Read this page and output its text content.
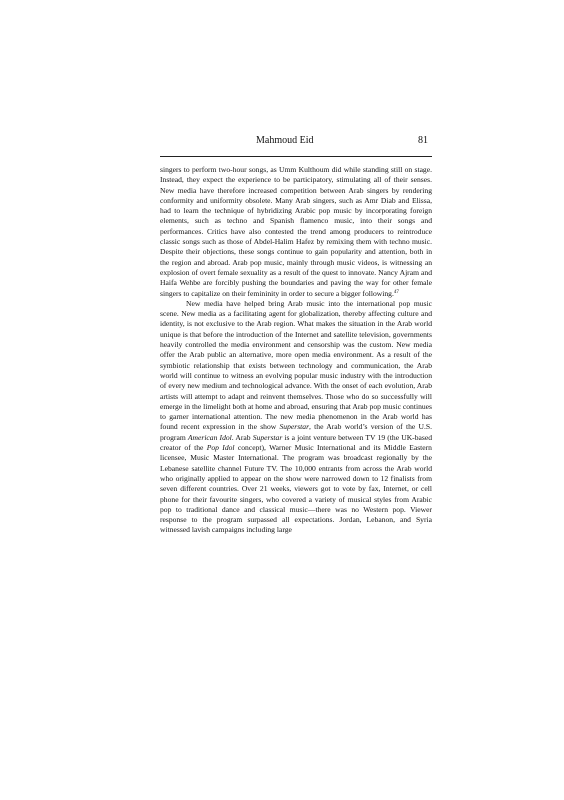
Mahmoud Eid	81

singers to perform two-hour songs, as Umm Kulthoum did while standing still on stage. Instead, they expect the experience to be participatory, stimulating all of their senses. New media have therefore increased competition between Arab singers by rendering conformity and uniformity obsolete. Many Arab singers, such as Amr Diab and Elissa, had to learn the technique of hybridizing Arabic pop music by incorporating foreign elements, such as techno and Spanish flamenco music, into their songs and performances. Critics have also contested the trend among producers to reintroduce classic songs such as those of Abdel-Halim Hafez by remixing them with techno music. Despite their objections, these songs continue to gain popularity and attention, both in the region and abroad. Arab pop music, mainly through music videos, is witnessing an explosion of overt female sexuality as a result of the quest to innovate. Nancy Ajram and Haifa Wehbe are forcibly pushing the boundaries and paving the way for other female singers to capitalize on their femininity in order to secure a bigger following.$^{47}$

New media have helped bring Arab music into the international pop music scene. New media as a facilitating agent for globalization, thereby affecting culture and identity, is not exclusive to the Arab region. What makes the situation in the Arab world unique is that before the introduction of the Internet and satellite television, governments heavily controlled the media environment and censorship was the custom. New media offer the Arab public an alternative, more open media environment. As a result of the symbiotic relationship that exists between technology and communication, the Arab world will continue to witness an evolving popular music industry with the introduction of every new medium and technological advance. With the onset of each evolution, Arab artists will attempt to adapt and reinvent themselves. Those who do so successfully will emerge in the limelight both at home and abroad, ensuring that Arab pop music continues to garner international attention. The new media phenomenon in the Arab world has found recent expression in the show Superstar, the Arab world’s version of the U.S. program American Idol. Arab Superstar is a joint venture between TV 19 (the UK-based creator of the Pop Idol concept), Warner Music International and its Middle Eastern licensee, Music Master International. The program was broadcast regionally by the Lebanese satellite channel Future TV. The 10,000 entrants from across the Arab world who originally applied to appear on the show were narrowed down to 12 finalists from seven different countries. Over 21 weeks, viewers got to vote by fax, Internet, or cell phone for their favourite singers, who covered a variety of musical styles from Arabic pop to traditional dance and classical music—there was no Western pop. Viewer response to the program surpassed all expectations. Jordan, Lebanon, and Syria witnessed lavish campaigns including large
